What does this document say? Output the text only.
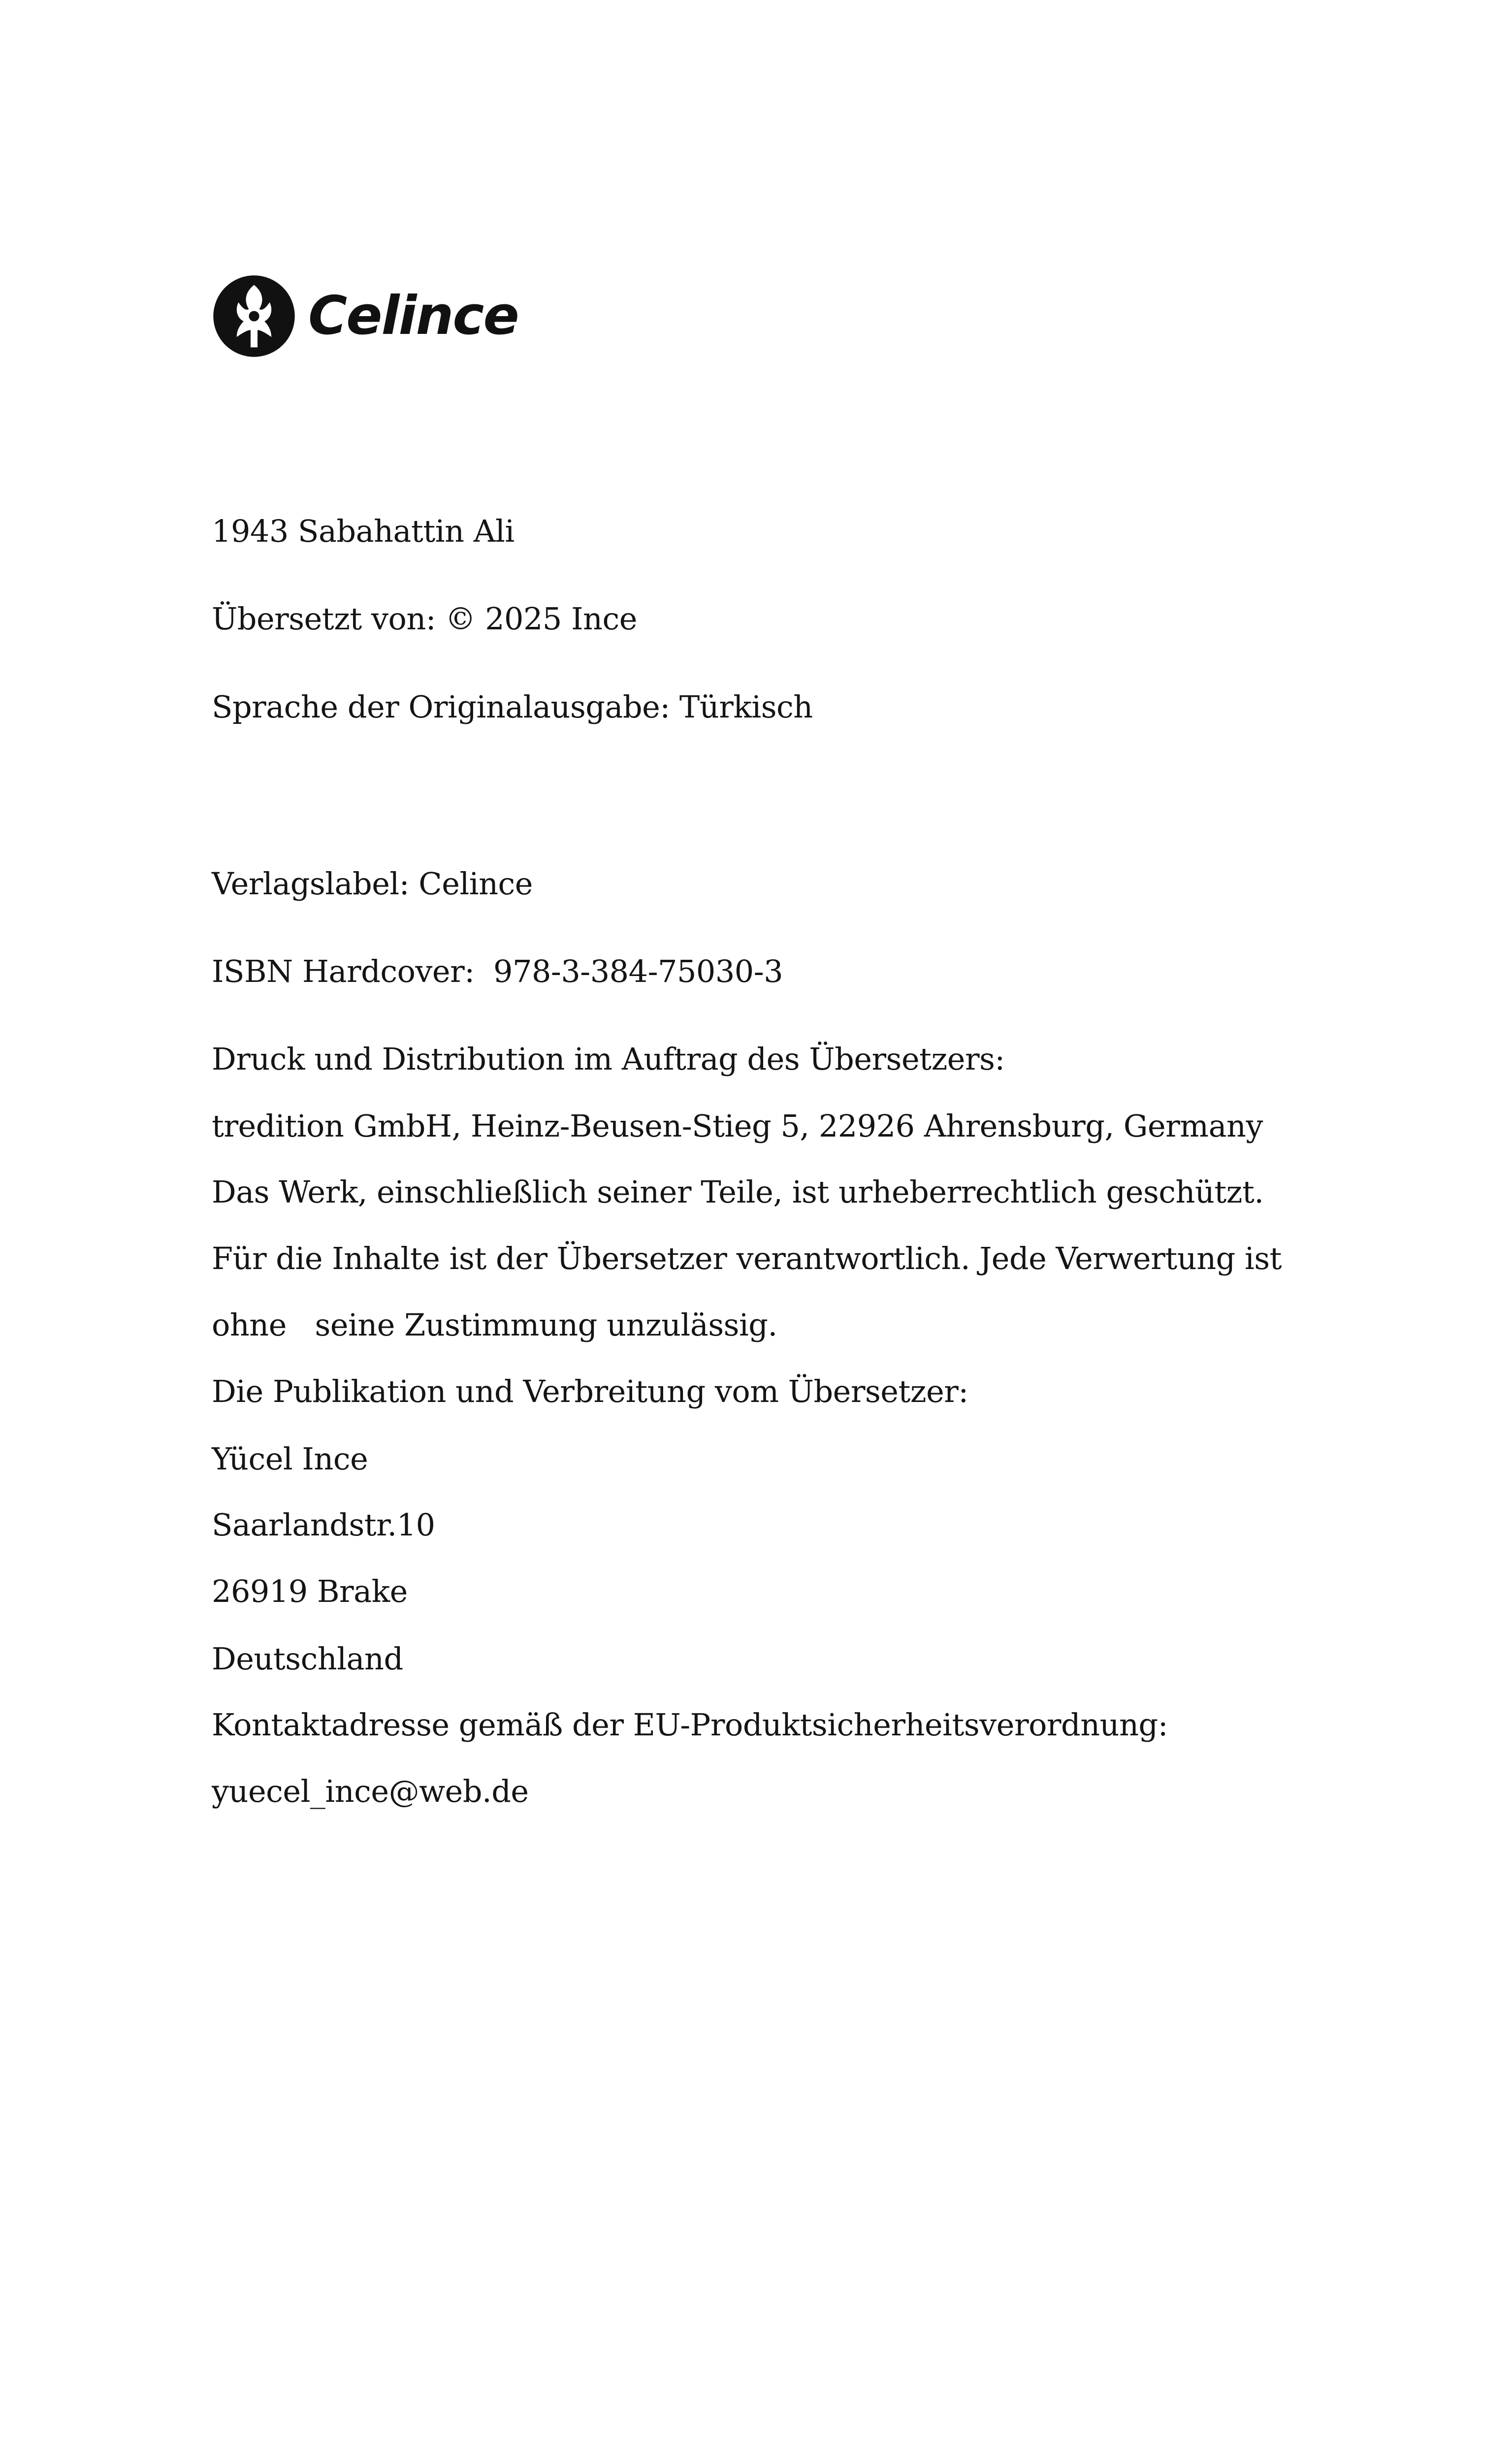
Celince
1943 Sabahattin Ali
Übersetzt von: © 2025 Ince
Sprache der Originalausgabe: Türkisch
Verlagslabel: Celince
ISBN Hardcover:  978-3-384-75030-3
Druck und Distribution im Auftrag des Übersetzers:
tredition GmbH, Heinz-Beusen-Stieg 5, 22926 Ahrensburg, Germany
Das Werk, einschließlich seiner Teile, ist urheberrechtlich geschützt.
Für die Inhalte ist der Übersetzer verantwortlich. Jede Verwertung ist
ohne   seine Zustimmung unzulässig.
Die Publikation und Verbreitung vom Übersetzer:
Yücel Ince
Saarlandstr.10
26919 Brake
Deutschland
Kontaktadresse gemäß der EU-Produktsicherheitsverordnung:
yuecel_ince@web.de
